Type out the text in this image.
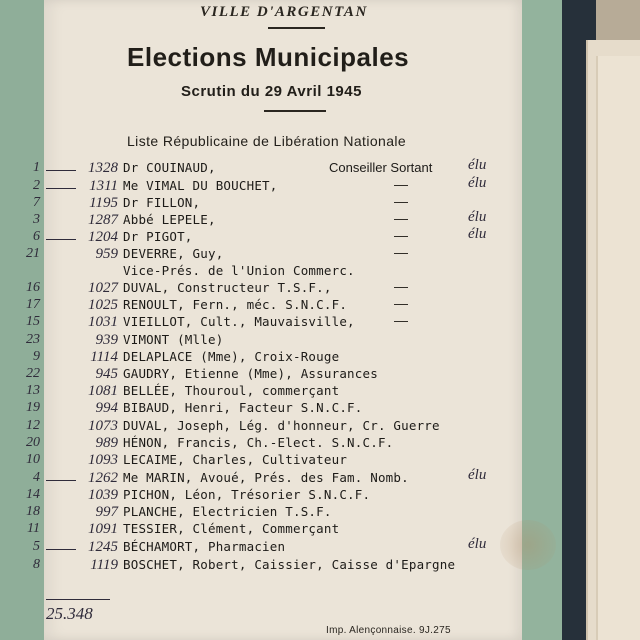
VILLE D'ARGENTAN
Elections Municipales
Scrutin du 29 Avril 1945
Liste Républicaine de Libération Nationale
1	1328 Dr COUINAUD,	Conseiller Sortant élu
2	1311 Me VIMAL DU BOUCHET,	—	élu
7	1195 Dr FILLON,	—
3	1287 Abbé LEPELE,	—	élu
6	1204 Dr PIGOT,	—	élu
21	959 DEVERRE, Guy,	—
Vice-Prés. de l'Union Commerc.
16	1027 DUVAL, Constructeur T.S.F.,	—
17	1025 RENOULT, Fern., méc. S.N.C.F.	—
15	1031 VIEILLOT, Cult., Mauvaisville,	—
23	939 VIMONT (Mlle)
9	1114 DELAPLACE (Mme), Croix-Rouge
22	945 GAUDRY, Etienne (Mme), Assurances
13	1081 BELLÉE, Thouroul, commerçant
19	994 BIBAUD, Henri, Facteur S.N.C.F.
12	1073 DUVAL, Joseph, Lég. d'honneur, Cr. Guerre
20	989 HÉNON, Francis, Ch.-Elect. S.N.C.F.
10	1093 LECAIME, Charles, Cultivateur
4	1262 Me MARIN, Avoué, Prés. des Fam. Nomb.	élu
14	1039 PICHON, Léon, Trésorier S.N.C.F.
18	997 PLANCHE, Electricien T.S.F.
11	1091 TESSIER, Clément, Commerçant
5	1245 BÉCHAMORT, Pharmacien	élu
8	1119 BOSCHET, Robert, Caissier, Caisse d'Epargne
25.348
Imp. Alençonnaise. 9J.275
